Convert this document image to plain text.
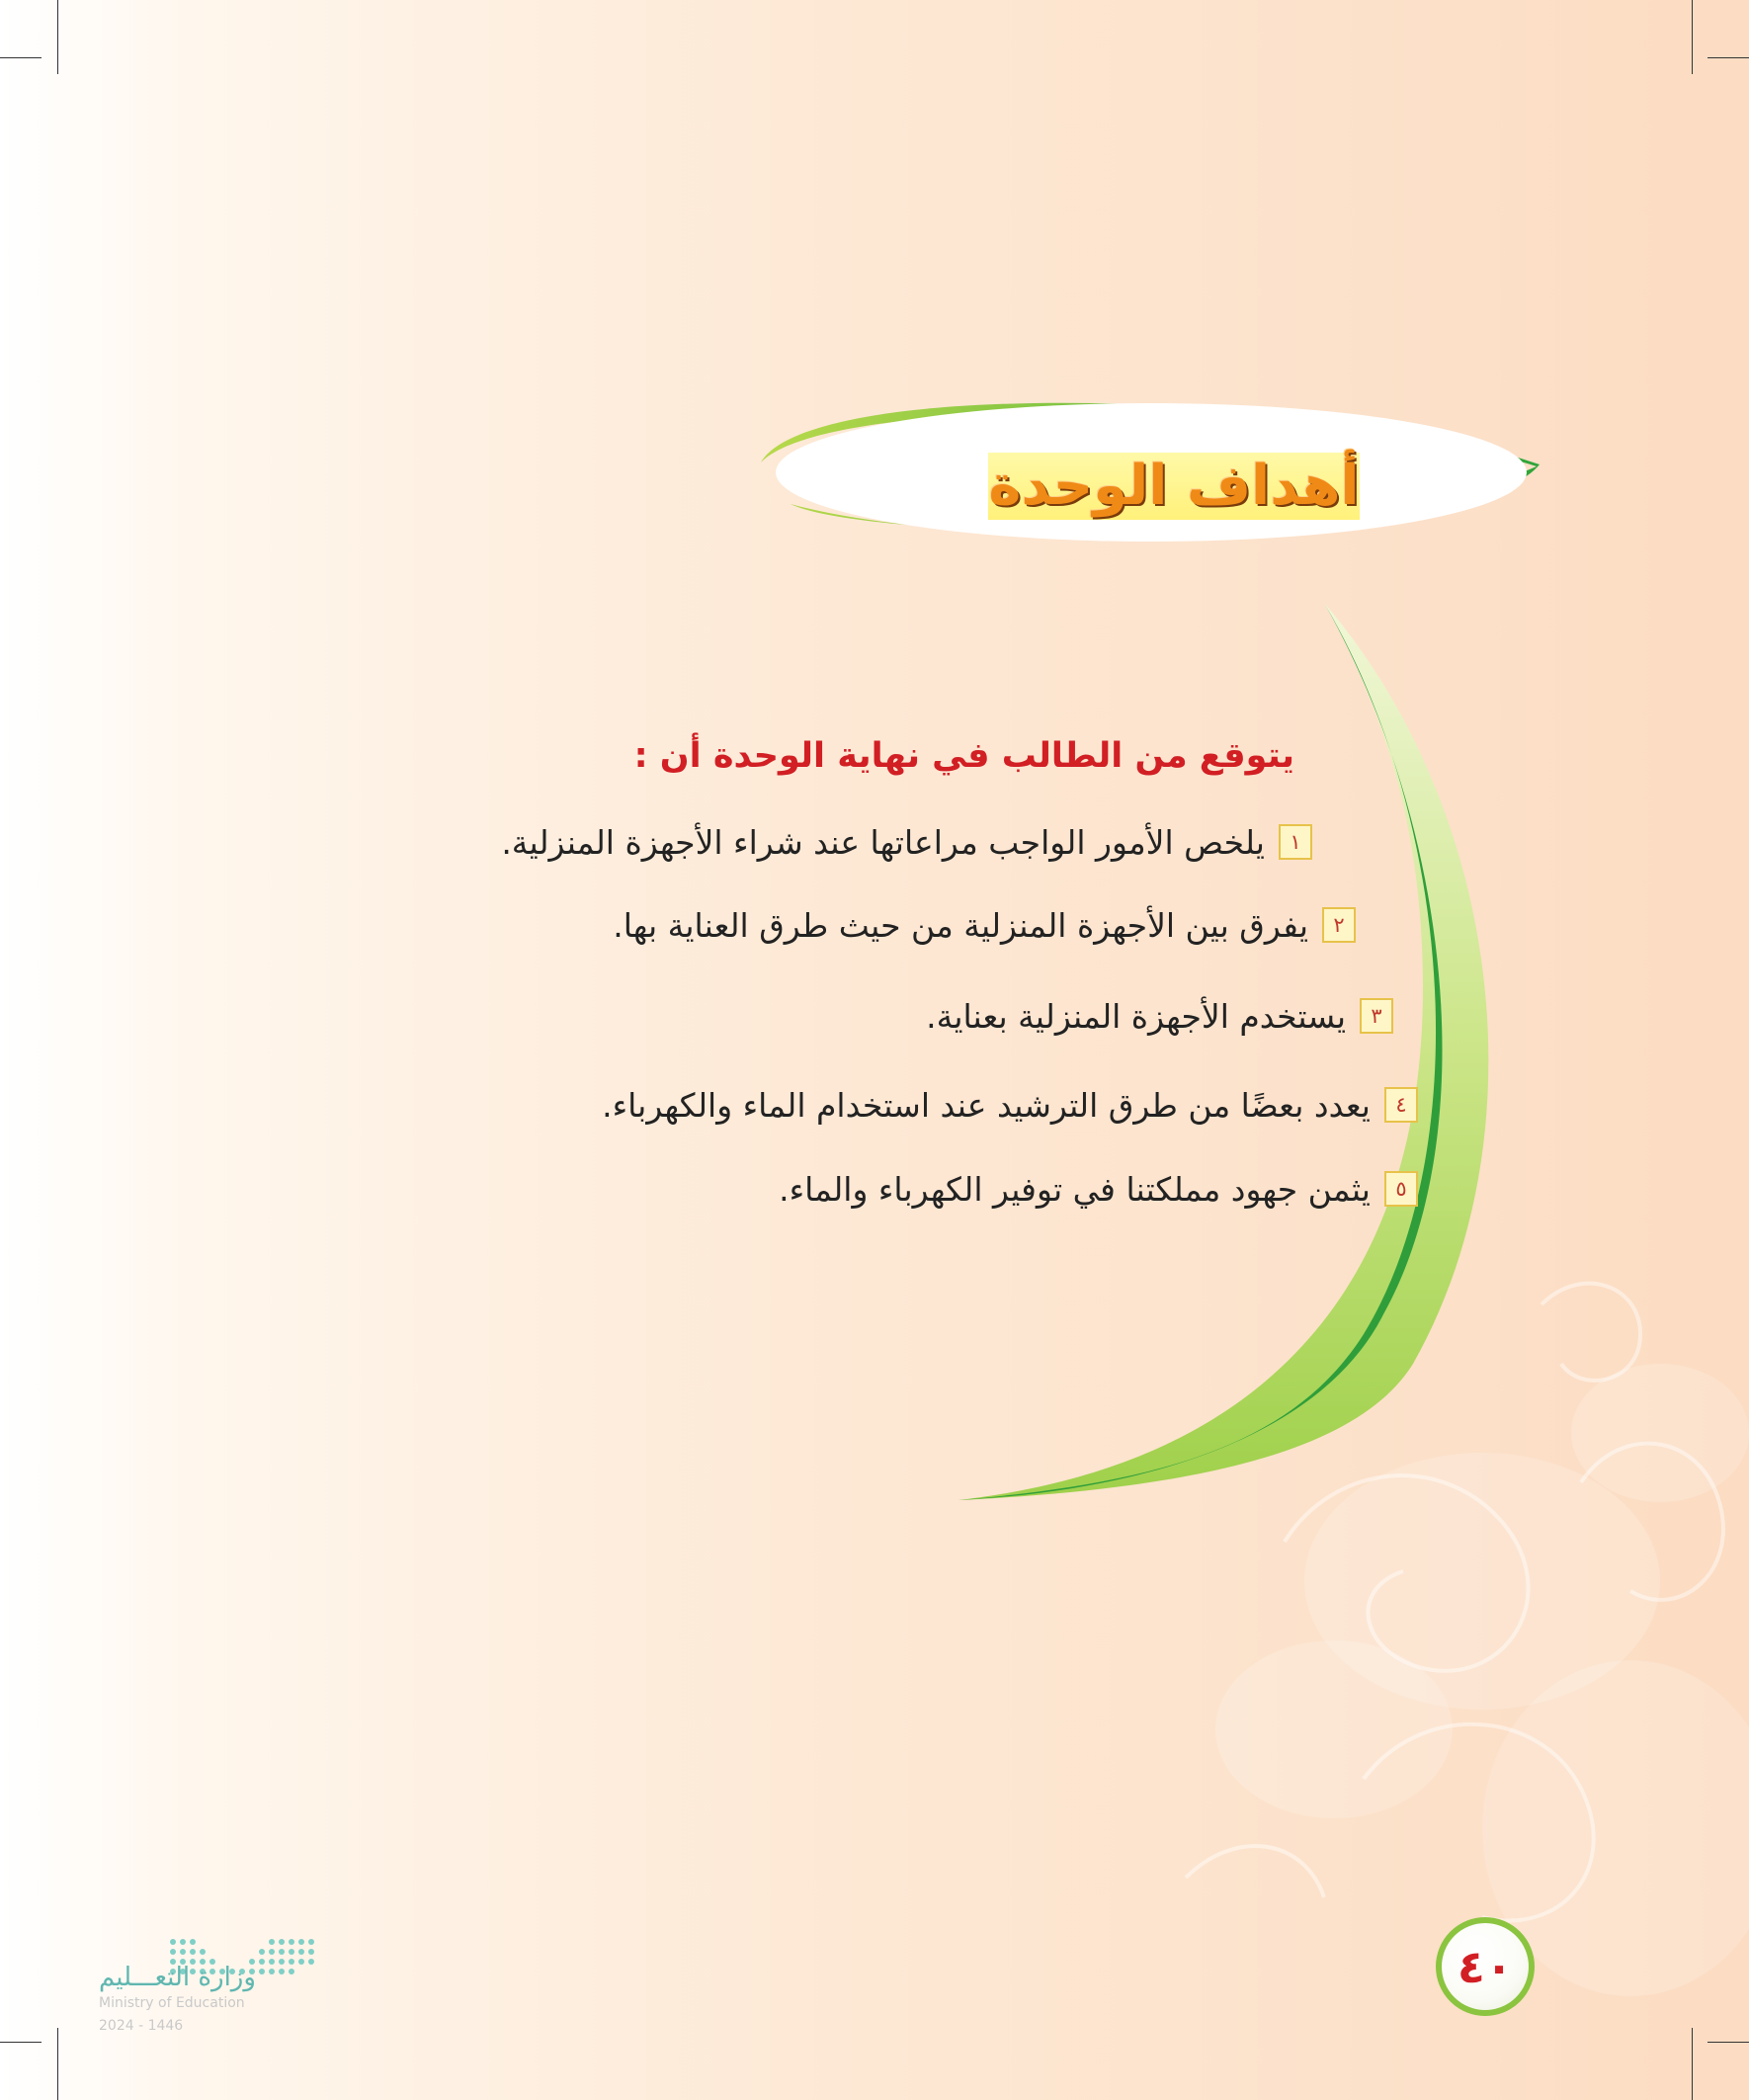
أهداف الوحدة
يتوقع من الطالب في نهاية الوحدة أن :
١
يلخص الأمور الواجب مراعاتها عند شراء الأجهزة المنزلية.
٢
يفرق بين الأجهزة المنزلية من حيث طرق العناية بها.
٣
يستخدم الأجهزة المنزلية بعناية.
٤
يعدد بعضًا من طرق الترشيد عند استخدام الماء والكهرباء.
٥
يثمن جهود مملكتنا في توفير الكهرباء والماء.
٤٠
وزارة التعـــليم
Ministry of Education
2024 - 1446
